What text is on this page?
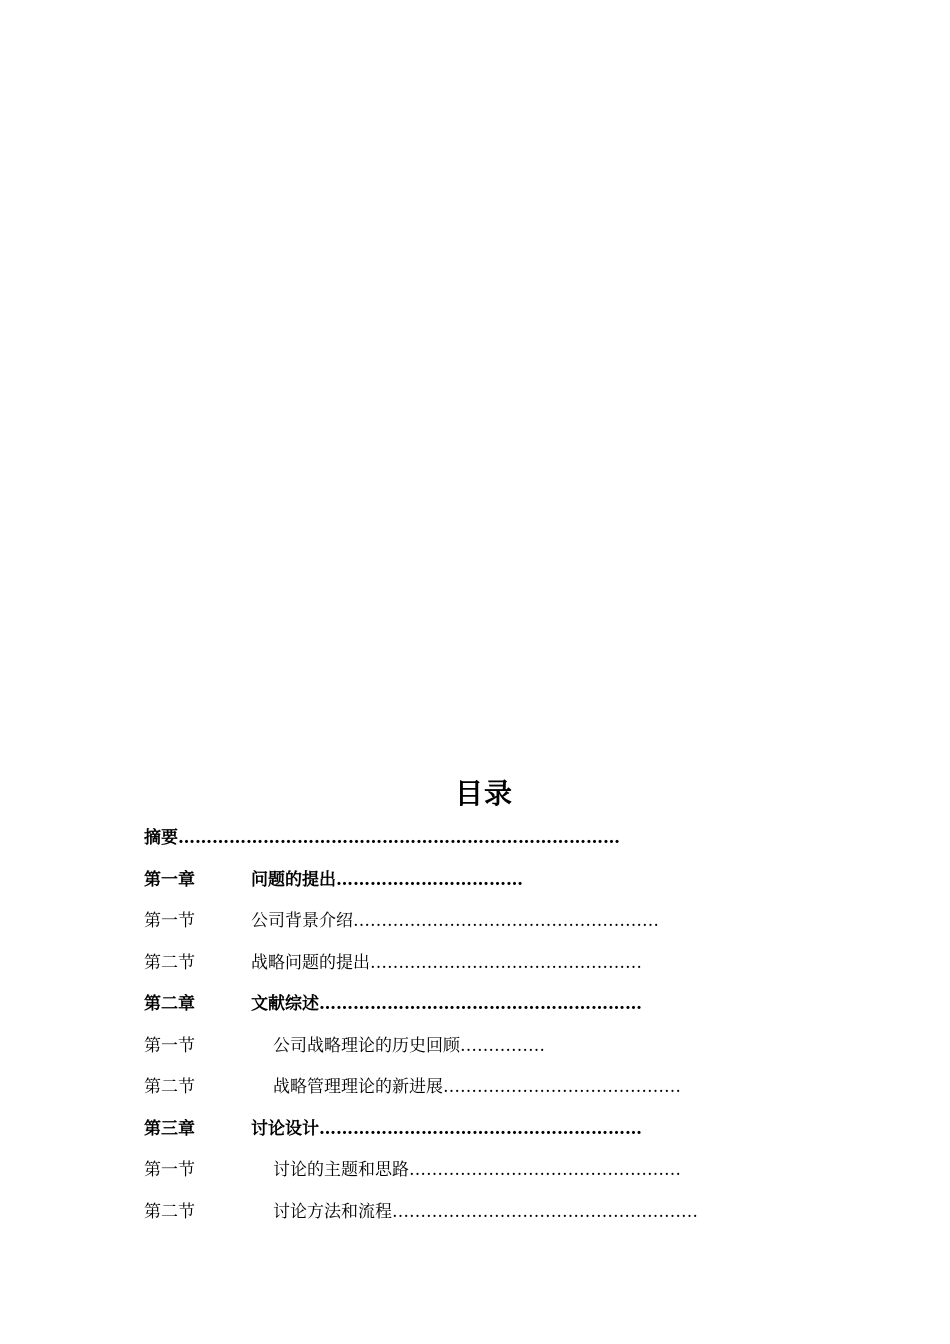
目录
摘要……………………………………………………………………
第一章	问题的提出……………………………
第一节	公司背景介绍………………………………………………
第二节	战略问题的提出…………………………………………
第二章	文献综述…………………………………………………
第一节	公司战略理论的历史回顾……………
第二节	战略管理理论的新进展……………………………………
第三章	讨论设计…………………………………………………
第一节	讨论的主题和思路…………………………………………
第二节	讨论方法和流程………………………………………………
